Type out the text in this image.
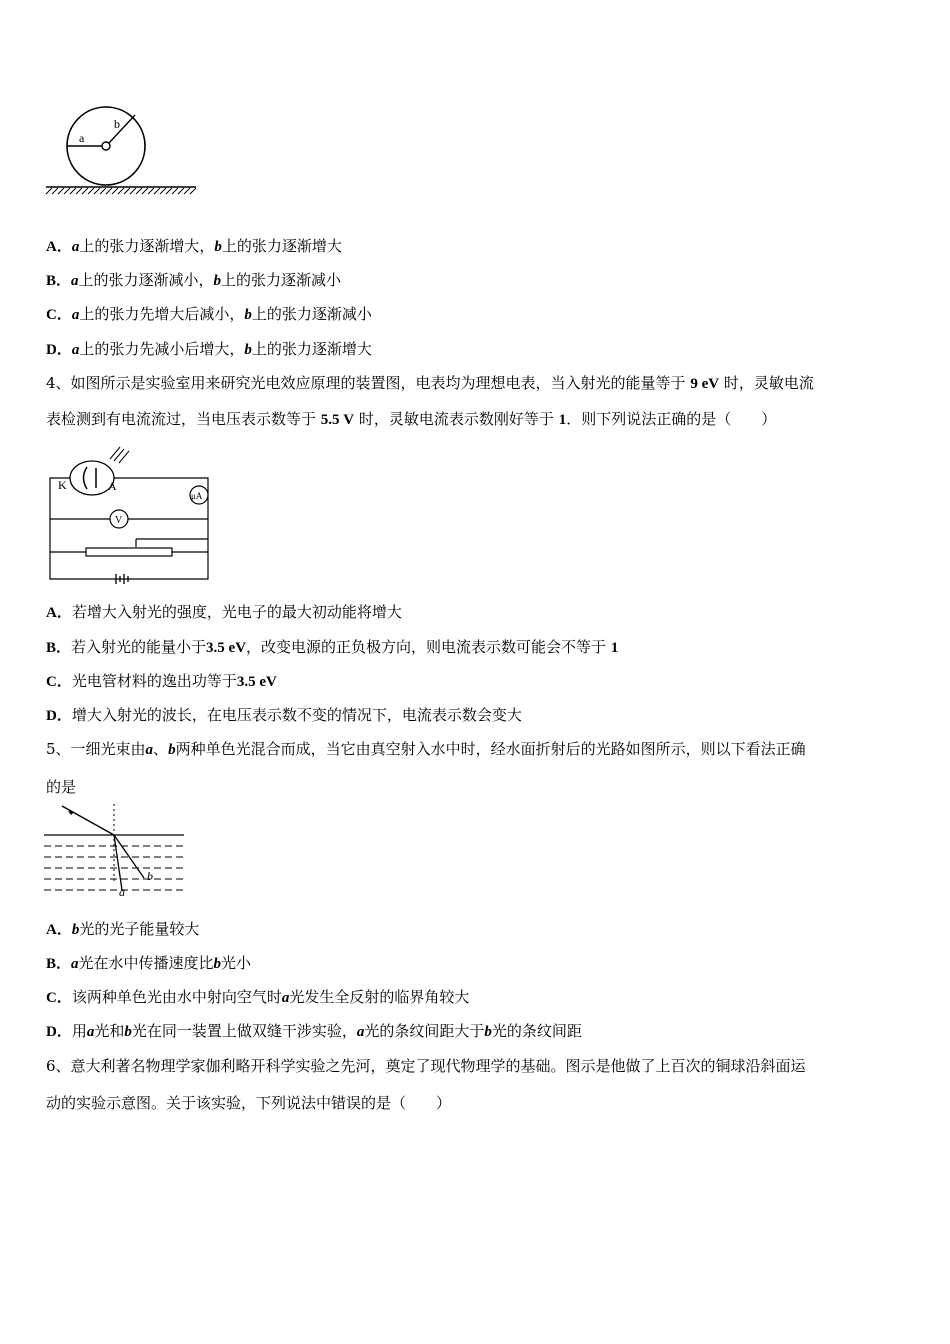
a
b
A．a上的张力逐渐增大，b上的张力逐渐增大
B．a上的张力逐渐减小，b上的张力逐渐减小
C．a上的张力先增大后减小，b上的张力逐渐减小
D．a上的张力先减小后增大，b上的张力逐渐增大
4、如图所示是实验室用来研究光电效应原理的装置图，电表均为理想电表，当入射光的能量等于 9 eV 时，灵敏电流
表检测到有电流流过，当电压表示数等于 5.5 V 时，灵敏电流表示数刚好等于 1．则下列说法正确的是（　　）
K	A
μA
V
A．若增大入射光的强度，光电子的最大初动能将增大
B．若入射光的能量小于3.5 eV，改变电源的正负极方向，则电流表示数可能会不等于 1
C．光电管材料的逸出功等于3.5 eV
D．增大入射光的波长，在电压表示数不变的情况下，电流表示数会变大
5、一细光束由a、b两种单色光混合而成，当它由真空射入水中时，经水面折射后的光路如图所示，则以下看法正确
的是
a
b
A．b光的光子能量较大
B．a光在水中传播速度比b光小
C．该两种单色光由水中射向空气时a光发生全反射的临界角较大
D．用a光和b光在同一装置上做双缝干涉实验，a光的条纹间距大于b光的条纹间距
6、意大利著名物理学家伽利略开科学实验之先河，奠定了现代物理学的基础。图示是他做了上百次的铜球沿斜面运
动的实验示意图。关于该实验，下列说法中错误的是（　　）
